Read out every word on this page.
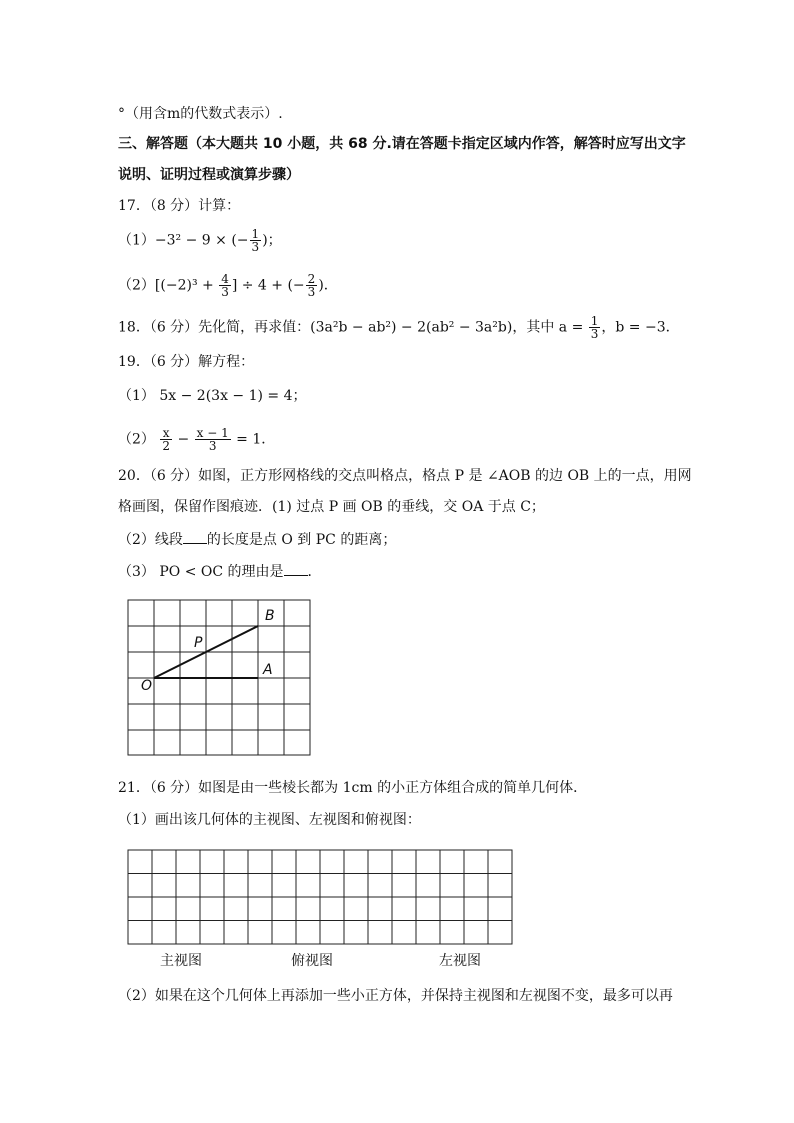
°（用含m的代数式表示）.
三、解答题（本大题共 10 小题，共 68 分.请在答题卡指定区域内作答，解答时应写出文字
说明、证明过程或演算步骤）
17．（8 分）计算：
（1）−3² − 9 × (− $\frac{1}{3}$ )；
$(2)[(-2)^3 + \frac{4}{3}$ ] ÷ 4 + (− $\frac{2}{3}$ )．
18．（6 分）先化简，再求值：(3a²b − ab²) − 2(ab² − 3a²b)，其中 $a = \frac{1}{3}$ ，b = −3．
19．（6 分）解方程：
（1） 5x − 2(3x − 1) = 4；
$(2) \frac{x}{2} - \frac{x - 1}{3} = 1$．
20．（6 分）如图，正方形网格线的交点叫格点，格点 P 是 ∠AOB 的边 OB 上的一点，用网
格画图，保留作图痕迹．(1) 过点 P 画 OB 的垂线，交 OA 于点 C；
（2）线段 的长度是点 O 到 PC 的距离；
（3） PO < OC 的理由是 ．
B
P
A
O
21．（6 分）如图是由一些棱长都为 1cm 的小正方体组合成的简单几何体．
（1）画出该几何体的主视图、左视图和俯视图：
主视图	俯视图	左视图
（2）如果在这个几何体上再添加一些小正方体，并保持主视图和左视图不变，最多可以再
